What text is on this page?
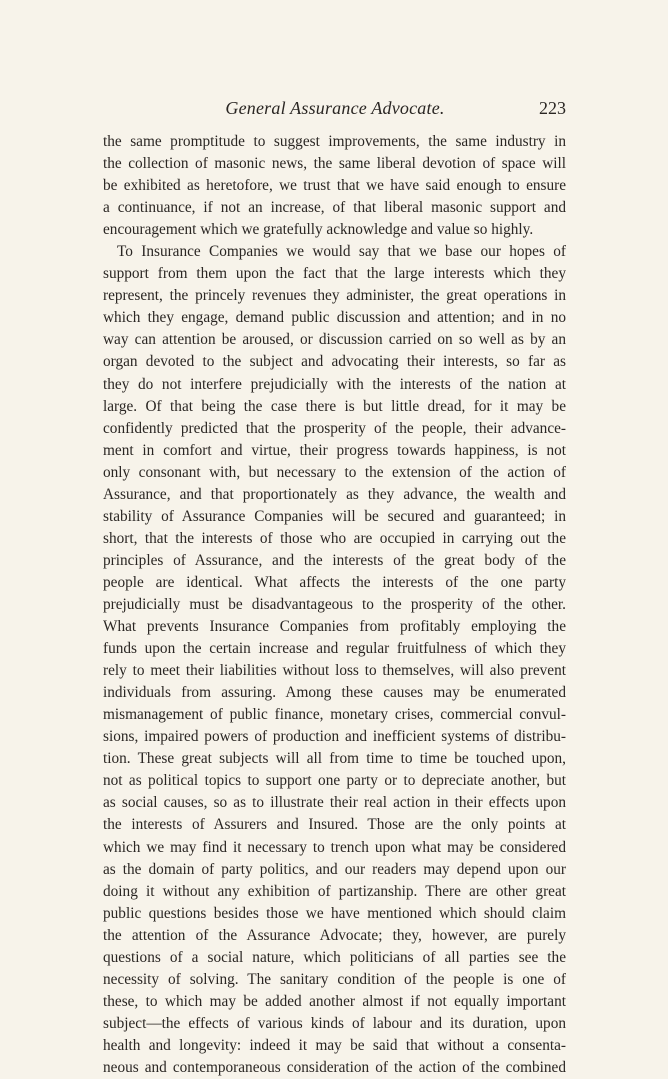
General Assurance Advocate.	223
the same promptitude to suggest improvements, the same industry in
the collection of masonic news, the same liberal devotion of space will
be exhibited as heretofore, we trust that we have said enough to ensure
a continuance, if not an increase, of that liberal masonic support and
encouragement which we gratefully acknowledge and value so highly.
To Insurance Companies we would say that we base our hopes of
support from them upon the fact that the large interests which they
represent, the princely revenues they administer, the great operations in
which they engage, demand public discussion and attention; and in no
way can attention be aroused, or discussion carried on so well as by an
organ devoted to the subject and advocating their interests, so far as
they do not interfere prejudicially with the interests of the nation at
large. Of that being the case there is but little dread, for it may be
confidently predicted that the prosperity of the people, their advance-
ment in comfort and virtue, their progress towards happiness, is not
only consonant with, but necessary to the extension of the action of
Assurance, and that proportionately as they advance, the wealth and
stability of Assurance Companies will be secured and guaranteed; in
short, that the interests of those who are occupied in carrying out the
principles of Assurance, and the interests of the great body of the
people are identical. What affects the interests of the one party
prejudicially must be disadvantageous to the prosperity of the other.
What prevents Insurance Companies from profitably employing the
funds upon the certain increase and regular fruitfulness of which they
rely to meet their liabilities without loss to themselves, will also prevent
individuals from assuring. Among these causes may be enumerated
mismanagement of public finance, monetary crises, commercial convul-
sions, impaired powers of production and inefficient systems of distribu-
tion. These great subjects will all from time to time be touched upon,
not as political topics to support one party or to depreciate another, but
as social causes, so as to illustrate their real action in their effects upon
the interests of Assurers and Insured. Those are the only points at
which we may find it necessary to trench upon what may be considered
as the domain of party politics, and our readers may depend upon our
doing it without any exhibition of partizanship. There are other great
public questions besides those we have mentioned which should claim
the attention of the Assurance Advocate; they, however, are purely
questions of a social nature, which politicians of all parties see the
necessity of solving. The sanitary condition of the people is one of
these, to which may be added another almost if not equally important
subject—the effects of various kinds of labour and its duration, upon
health and longevity: indeed it may be said that without a consenta-
neous and contemporaneous consideration of the action of the combined
